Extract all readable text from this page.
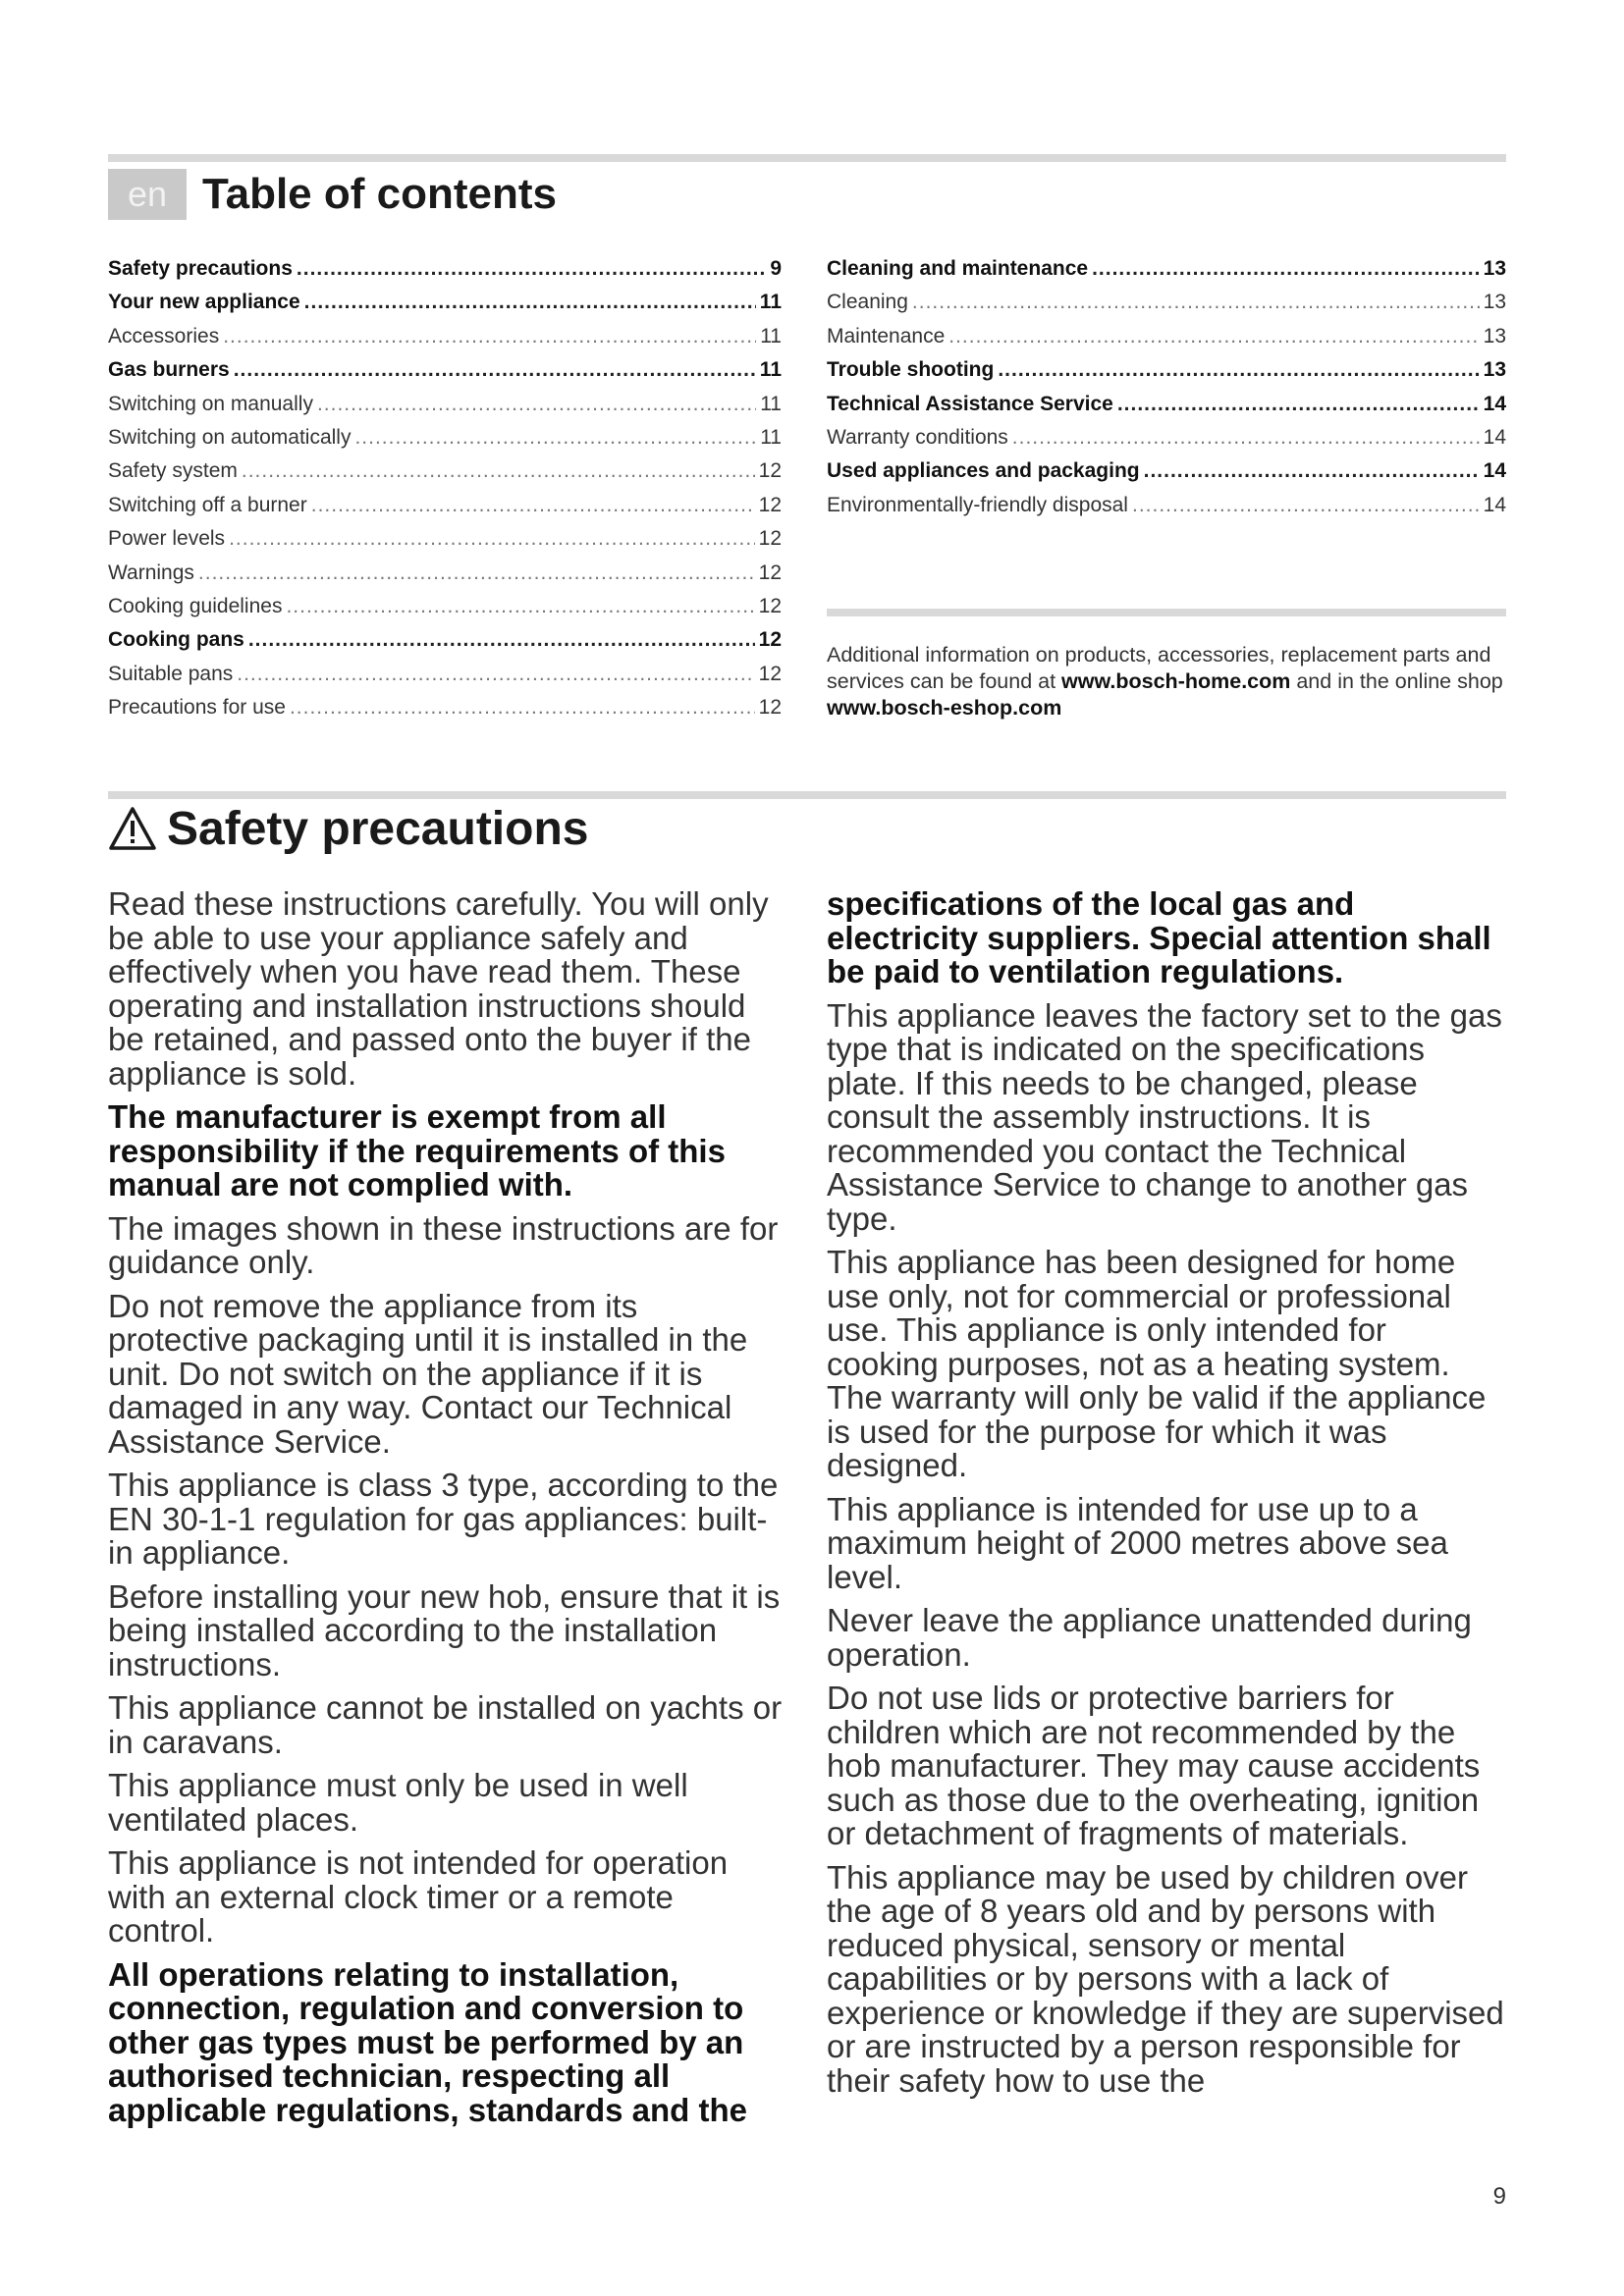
en Table of contents
Safety precautions .....	9
Your new appliance .....	11
Accessories .....	11
Gas burners .....	11
Switching on manually .....	11
Switching on automatically .....	11
Safety system .....	12
Switching off a burner .....	12
Power levels .....	12
Warnings .....	12
Cooking guidelines .....	12
Cooking pans .....	12
Suitable pans .....	12
Precautions for use .....	12
Cleaning and maintenance .....	13
Cleaning .....	13
Maintenance .....	13
Trouble shooting .....	13
Technical Assistance Service .....	14
Warranty conditions .....	14
Used appliances and packaging .....	14
Environmentally-friendly disposal .....	14
Additional information on products, accessories, replacement parts and services can be found at www.bosch-home.com and in the online shop www.bosch-eshop.com
Safety precautions

Read these instructions carefully. You will only be able to use your appliance safely and effectively when you have read them. These operating and installation instructions should be retained, and passed onto the buyer if the appliance is sold.

The manufacturer is exempt from all responsibility if the requirements of this manual are not complied with.

The images shown in these instructions are for guidance only.

Do not remove the appliance from its protective packaging until it is installed in the unit. Do not switch on the appliance if it is damaged in any way. Contact our Technical Assistance Service.

This appliance is class 3 type, according to the EN 30-1-1 regulation for gas appliances: built-in appliance.

Before installing your new hob, ensure that it is being installed according to the installation instructions.

This appliance cannot be installed on yachts or in caravans.

This appliance must only be used in well ventilated places.

This appliance is not intended for operation with an external clock timer or a remote control.

All operations relating to installation, connection, regulation and conversion to other gas types must be performed by an authorised technician, respecting all applicable regulations, standards and the

specifications of the local gas and electricity suppliers. Special attention shall be paid to ventilation regulations.

This appliance leaves the factory set to the gas type that is indicated on the specifications plate. If this needs to be changed, please consult the assembly instructions. It is recommended you contact the Technical Assistance Service to change to another gas type.

This appliance has been designed for home use only, not for commercial or professional use. This appliance is only intended for cooking purposes, not as a heating system. The warranty will only be valid if the appliance is used for the purpose for which it was designed.

This appliance is intended for use up to a maximum height of 2000 metres above sea level.

Never leave the appliance unattended during operation.

Do not use lids or protective barriers for children which are not recommended by the hob manufacturer. They may cause accidents such as those due to the overheating, ignition or detachment of fragments of materials.

This appliance may be used by children over the age of 8 years old and by persons with reduced physical, sensory or mental capabilities or by persons with a lack of experience or knowledge if they are supervised or are instructed by a person responsible for their safety how to use the

9
